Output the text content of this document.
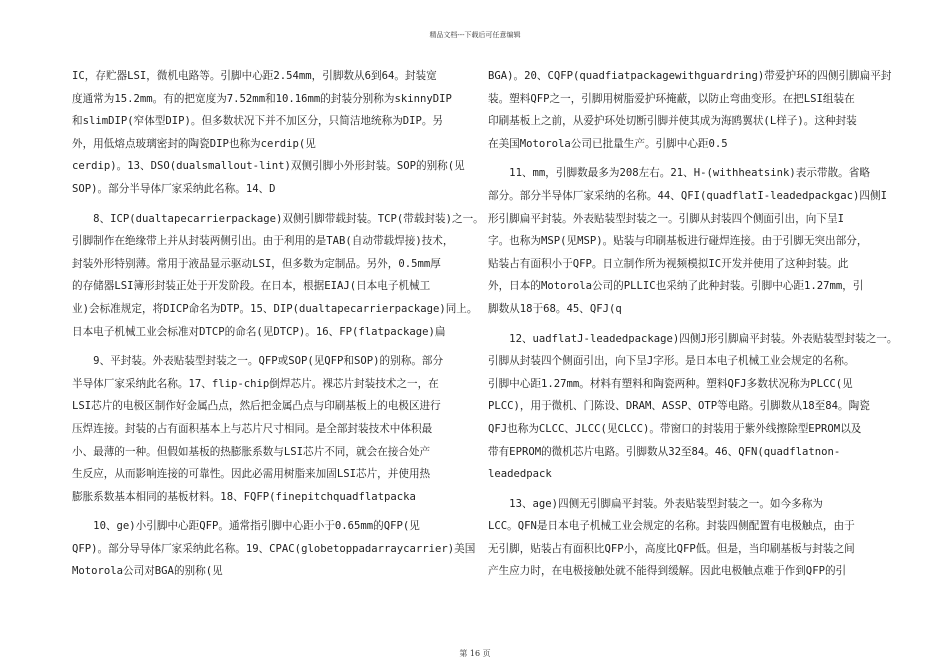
精品文档---下载后可任意编辑
IC，存贮器LSI，微机电路等。引脚中心距2.54mm，引脚数从6到64。封装宽
度通常为15.2mm。有的把宽度为7.52mm和10.16mm的封装分别称为skinnyDIP
和slimDIP(窄体型DIP)。但多数状况下并不加区分，只简洁地统称为DIP。另
外，用低熔点玻璃密封的陶瓷DIP也称为cerdip(见
cerdip)。13、DSO(dualsmallout-lint)双侧引脚小外形封装。SOP的别称(见
SOP)。部分半导体厂家采纳此名称。14、D
　　8、ICP(dualtapecarrierpackage)双侧引脚带载封装。TCP(带载封装)之一。
引脚制作在绝缘带上并从封装两侧引出。由于利用的是TAB(自动带载焊接)技术，
封装外形特别薄。常用于液晶显示驱动LSI，但多数为定制品。另外，0.5mm厚
的存储器LSI簿形封装正处于开发阶段。在日本，根据EIAJ(日本电子机械工
业)会标准规定，将DICP命名为DTP。15、DIP(dualtapecarrierpackage)同上。
日本电子机械工业会标准对DTCP的命名(见DTCP)。16、FP(flatpackage)扁
　　9、平封装。外表贴装型封装之一。QFP或SOP(见QFP和SOP)的别称。部分
半导体厂家采纳此名称。17、flip-chip倒焊芯片。裸芯片封装技术之一，在
LSI芯片的电极区制作好金属凸点，然后把金属凸点与印刷基板上的电极区进行
压焊连接。封装的占有面积基本上与芯片尺寸相同。是全部封装技术中体积最
小、最薄的一种。但假如基板的热膨胀系数与LSI芯片不同，就会在接合处产
生反应，从而影响连接的可靠性。因此必需用树脂来加固LSI芯片，并使用热
膨胀系数基本相同的基板材料。18、FQFP(finepitchquadflatpacka
　　10、ge)小引脚中心距QFP。通常指引脚中心距小于0.65mm的QFP(见
QFP)。部分导导体厂家采纳此名称。19、CPAC(globetoppadarraycarrier)美国
Motorola公司对BGA的别称(见
BGA)。20、CQFP(quadfiatpackagewithguardring)带爱护环的四侧引脚扁平封
装。塑料QFP之一，引脚用树脂爱护环掩蔽，以防止弯曲变形。在把LSI组装在
印刷基板上之前，从爱护环处切断引脚并使其成为海鸥翼状(L样子)。这种封装
在美国Motorola公司已批量生产。引脚中心距0.5
　　11、mm，引脚数最多为208左右。21、H-(withheatsink)表示带散。省略
部分。部分半导体厂家采纳的名称。44、QFI(quadflatI-leadedpackgac)四侧I
形引脚扁平封装。外表贴装型封装之一。引脚从封装四个侧面引出，向下呈I
字。也称为MSP(见MSP)。贴装与印刷基板进行碰焊连接。由于引脚无突出部分，
贴装占有面积小于QFP。日立制作所为视频模拟IC开发并使用了这种封装。此
外，日本的Motorola公司的PLLIC也采纳了此种封装。引脚中心距1.27mm，引
脚数从18于68。45、QFJ(q
　　12、uadflatJ-leadedpackage)四侧J形引脚扁平封装。外表贴装型封装之一。
引脚从封装四个侧面引出，向下呈J字形。是日本电子机械工业会规定的名称。
引脚中心距1.27mm。材料有塑料和陶瓷两种。塑料QFJ多数状况称为PLCC(见
PLCC)，用于微机、门陈设、DRAM、ASSP、OTP等电路。引脚数从18至84。陶瓷
QFJ也称为CLCC、JLCC(见CLCC)。带窗口的封装用于紫外线擦除型EPROM以及
带有EPROM的微机芯片电路。引脚数从32至84。46、QFN(quadflatnon-
leadedpack
　　13、age)四侧无引脚扁平封装。外表贴装型封装之一。如今多称为
LCC。QFN是日本电子机械工业会规定的名称。封装四侧配置有电极触点，由于
无引脚，贴装占有面积比QFP小，高度比QFP低。但是，当印刷基板与封装之间
产生应力时，在电极接触处就不能得到缓解。因此电极触点难于作到QFP的引
第 16 页
